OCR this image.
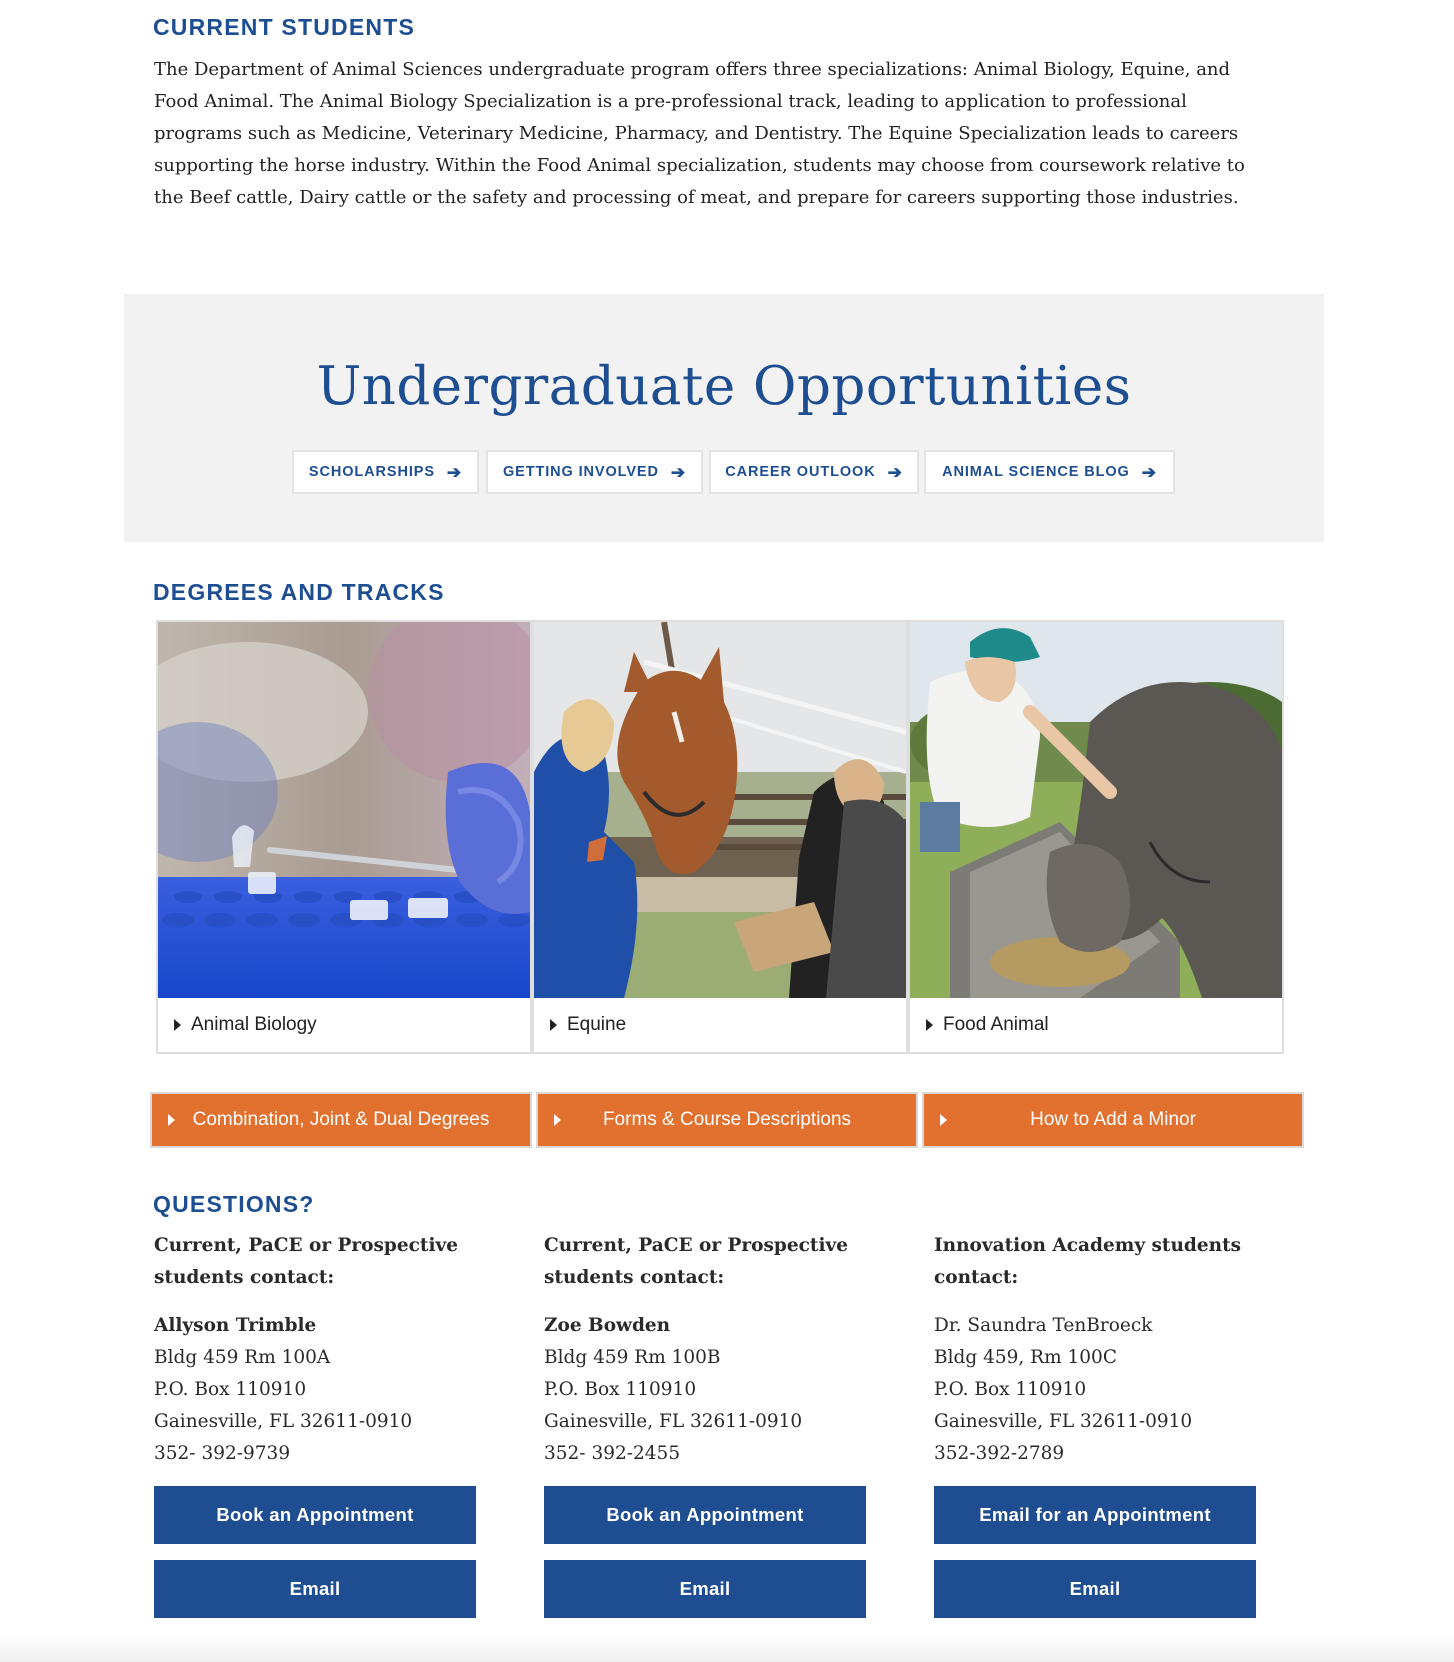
CURRENT STUDENTS

The Department of Animal Sciences undergraduate program offers three specializations: Animal Biology, Equine, and Food Animal. The Animal Biology Specialization is a pre-professional track, leading to application to professional programs such as Medicine, Veterinary Medicine, Pharmacy, and Dentistry. The Equine Specialization leads to careers supporting the horse industry. Within the Food Animal specialization, students may choose from coursework relative to the Beef cattle, Dairy cattle or the safety and processing of meat, and prepare for careers supporting those industries.

Undergraduate Opportunities
SCHOLARSHIPS ➔	GETTING INVOLVED ➔	CAREER OUTLOOK ➔	ANIMAL SCIENCE BLOG ➔
DEGREES AND TRACKS
Animal Biology	Equine	Food Animal
Combination, Joint & Dual Degrees	Forms & Course Descriptions	How to Add a Minor
QUESTIONS?
Current, PaCE or Prospective students contact:
Allyson Trimble
Bldg 459 Rm 100A
P.O. Box 110910
Gainesville, FL 32611-0910
352- 392-9739
Book an Appointment
Email
Current, PaCE or Prospective students contact:
Zoe Bowden
Bldg 459 Rm 100B
P.O. Box 110910
Gainesville, FL 32611-0910
352- 392-2455
Book an Appointment
Email
Innovation Academy students contact:
Dr. Saundra TenBroeck
Bldg 459, Rm 100C
P.O. Box 110910
Gainesville, FL 32611-0910
352-392-2789
Email for an Appointment
Email
